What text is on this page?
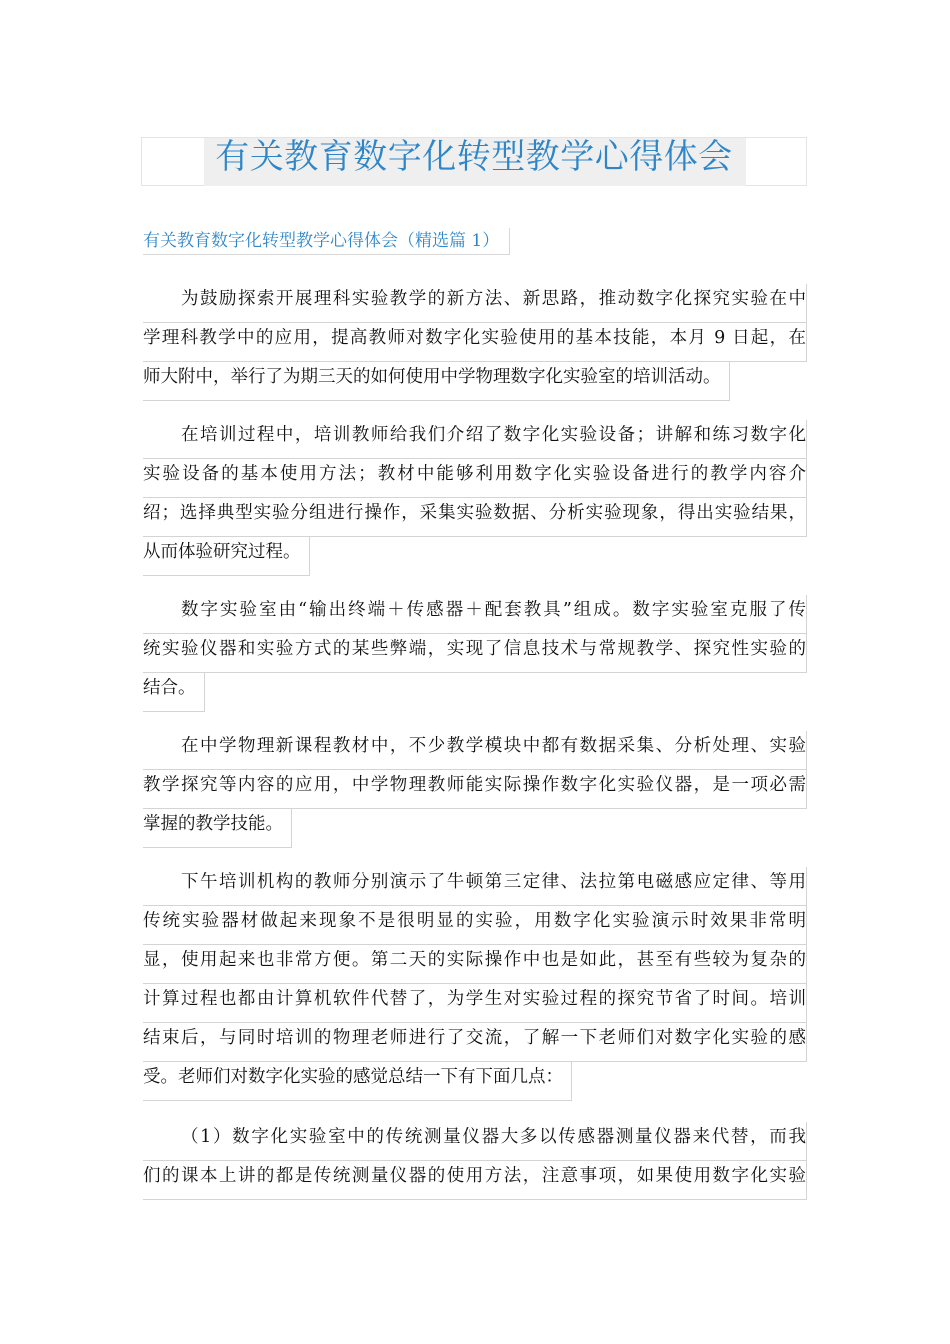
有关教育数字化转型教学心得体会
有关教育数字化转型教学心得体会（精选篇 1）
为鼓励探索开展理科实验教学的新方法、新思路，推动数字化探究实验在中
学理科教学中的应用，提高教师对数字化实验使用的基本技能，本月 9 日起，在
师大附中，举行了为期三天的如何使用中学物理数字化实验室的培训活动。
在培训过程中，培训教师给我们介绍了数字化实验设备；讲解和练习数字化
实验设备的基本使用方法；教材中能够利用数字化实验设备进行的教学内容介
绍；选择典型实验分组进行操作，采集实验数据、分析实验现象，得出实验结果，
从而体验研究过程。
数字实验室由“输出终端＋传感器＋配套教具”组成。数字实验室克服了传
统实验仪器和实验方式的某些弊端，实现了信息技术与常规教学、探究性实验的
结合。
在中学物理新课程教材中，不少教学模块中都有数据采集、分析处理、实验
教学探究等内容的应用，中学物理教师能实际操作数字化实验仪器，是一项必需
掌握的教学技能。
下午培训机构的教师分别演示了牛顿第三定律、法拉第电磁感应定律、等用
传统实验器材做起来现象不是很明显的实验，用数字化实验演示时效果非常明
显，使用起来也非常方便。第二天的实际操作中也是如此，甚至有些较为复杂的
计算过程也都由计算机软件代替了，为学生对实验过程的探究节省了时间。培训
结束后，与同时培训的物理老师进行了交流，了解一下老师们对数字化实验的感
受。老师们对数字化实验的感觉总结一下有下面几点：
（1）数字化实验室中的传统测量仪器大多以传感器测量仪器来代替，而我
们的课本上讲的都是传统测量仪器的使用方法，注意事项，如果使用数字化实验
